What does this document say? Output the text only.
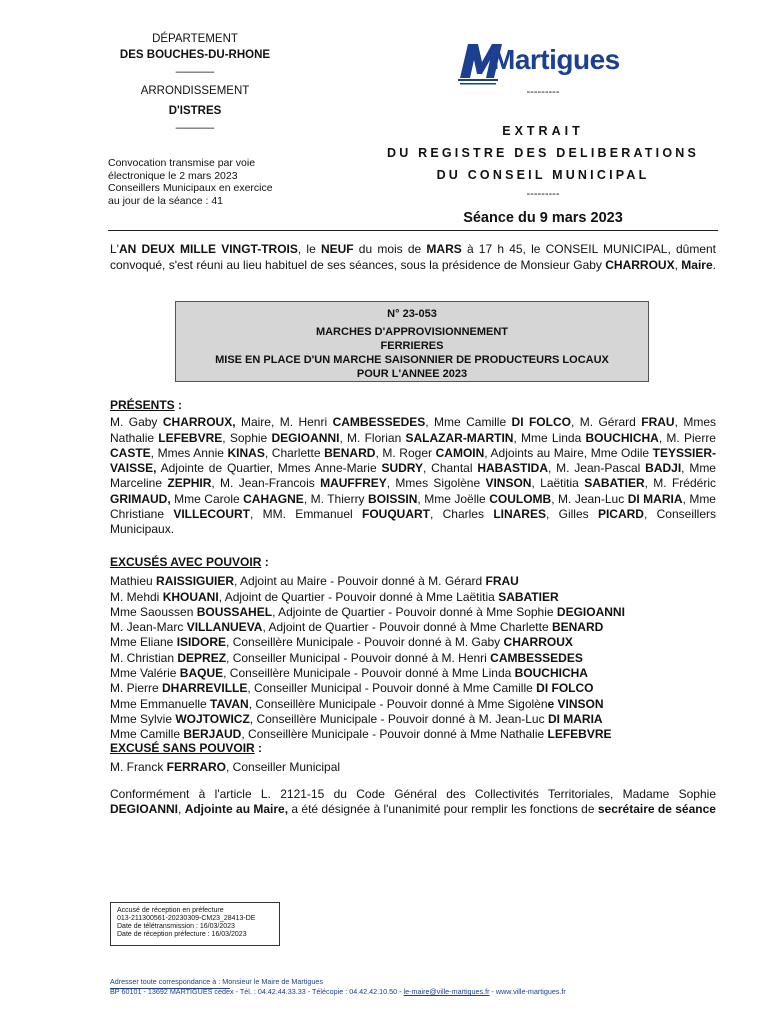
DÉPARTEMENT
DES BOUCHES-DU-RHONE
______
ARRONDISSEMENT
D'ISTRES
______
Convocation transmise par voie
électronique le 2 mars 2023
Conseillers Municipaux en exercice
au jour de la séance : 41
Martigues
---------
EXTRAIT
DU REGISTRE DES DELIBERATIONS
DU CONSEIL MUNICIPAL
---------
Séance du 9 mars 2023
L'AN DEUX MILLE VINGT-TROIS, le NEUF du mois de MARS à 17 h 45, le CONSEIL MUNICIPAL, dûment convoqué, s'est réuni au lieu habituel de ses séances, sous la présidence de Monsieur Gaby CHARROUX, Maire.
N° 23-053
MARCHES D'APPROVISIONNEMENT
FERRIERES
MISE EN PLACE D'UN MARCHE SAISONNIER DE PRODUCTEURS LOCAUX
POUR L'ANNEE 2023
PRÉSENTS :
M. Gaby CHARROUX, Maire, M. Henri CAMBESSEDES, Mme Camille DI FOLCO, M. Gérard FRAU, Mmes Nathalie LEFEBVRE, Sophie DEGIOANNI, M. Florian SALAZAR-MARTIN, Mme Linda BOUCHICHA, M. Pierre CASTE, Mmes Annie KINAS, Charlette BENARD, M. Roger CAMOIN, Adjoints au Maire, Mme Odile TEYSSIER-VAISSE, Adjointe de Quartier, Mmes Anne-Marie SUDRY, Chantal HABASTIDA, M. Jean-Pascal BADJI, Mme Marceline ZEPHIR, M. Jean-Francois MAUFFREY, Mmes Sigolène VINSON, Laëtitia SABATIER, M. Frédéric GRIMAUD, Mme Carole CAHAGNE, M. Thierry BOISSIN, Mme Joëlle COULOMB, M. Jean-Luc DI MARIA, Mme Christiane VILLECOURT, MM. Emmanuel FOUQUART, Charles LINARES, Gilles PICARD, Conseillers Municipaux.
EXCUSÉS AVEC POUVOIR :
Mathieu RAISSIGUIER, Adjoint au Maire - Pouvoir donné à M. Gérard FRAU
M. Mehdi KHOUANI, Adjoint de Quartier - Pouvoir donné à Mme Laëtitia SABATIER
Mme Saoussen BOUSSAHEL, Adjointe de Quartier - Pouvoir donné à Mme Sophie DEGIOANNI
M. Jean-Marc VILLANUEVA, Adjoint de Quartier - Pouvoir donné à Mme Charlette BENARD
Mme Eliane ISIDORE, Conseillère Municipale - Pouvoir donné à M. Gaby CHARROUX
M. Christian DEPREZ, Conseiller Municipal - Pouvoir donné à M. Henri CAMBESSEDES
Mme Valérie BAQUE, Conseillère Municipale - Pouvoir donné à Mme Linda BOUCHICHA
M. Pierre DHARREVILLE, Conseiller Municipal - Pouvoir donné à Mme Camille DI FOLCO
Mme Emmanuelle TAVAN, Conseillère Municipale - Pouvoir donné à Mme Sigolène VINSON
Mme Sylvie WOJTOWICZ, Conseillère Municipale - Pouvoir donné à M. Jean-Luc DI MARIA
Mme Camille BERJAUD, Conseillère Municipale - Pouvoir donné à Mme Nathalie LEFEBVRE
EXCUSÉ SANS POUVOIR :
M. Franck FERRARO, Conseiller Municipal
Conformément à l'article L. 2121-15 du Code Général des Collectivités Territoriales, Madame Sophie DEGIOANNI, Adjointe au Maire, a été désignée à l'unanimité pour remplir les fonctions de secrétaire de séance
Accusé de réception en préfecture
013-211300561-20230309-CM23_28413-DE
Date de télétransmission : 16/03/2023
Date de réception préfecture : 16/03/2023
Adresser toute correspondance à : Monsieur le Maire de Martigues
BP 60101 - 13692 MARTIGUES cedex - Tél. : 04.42.44.33.33 - Télécopie : 04.42.42.10.50 - le-maire@ville-martigues.fr - www.ville-martigues.fr
